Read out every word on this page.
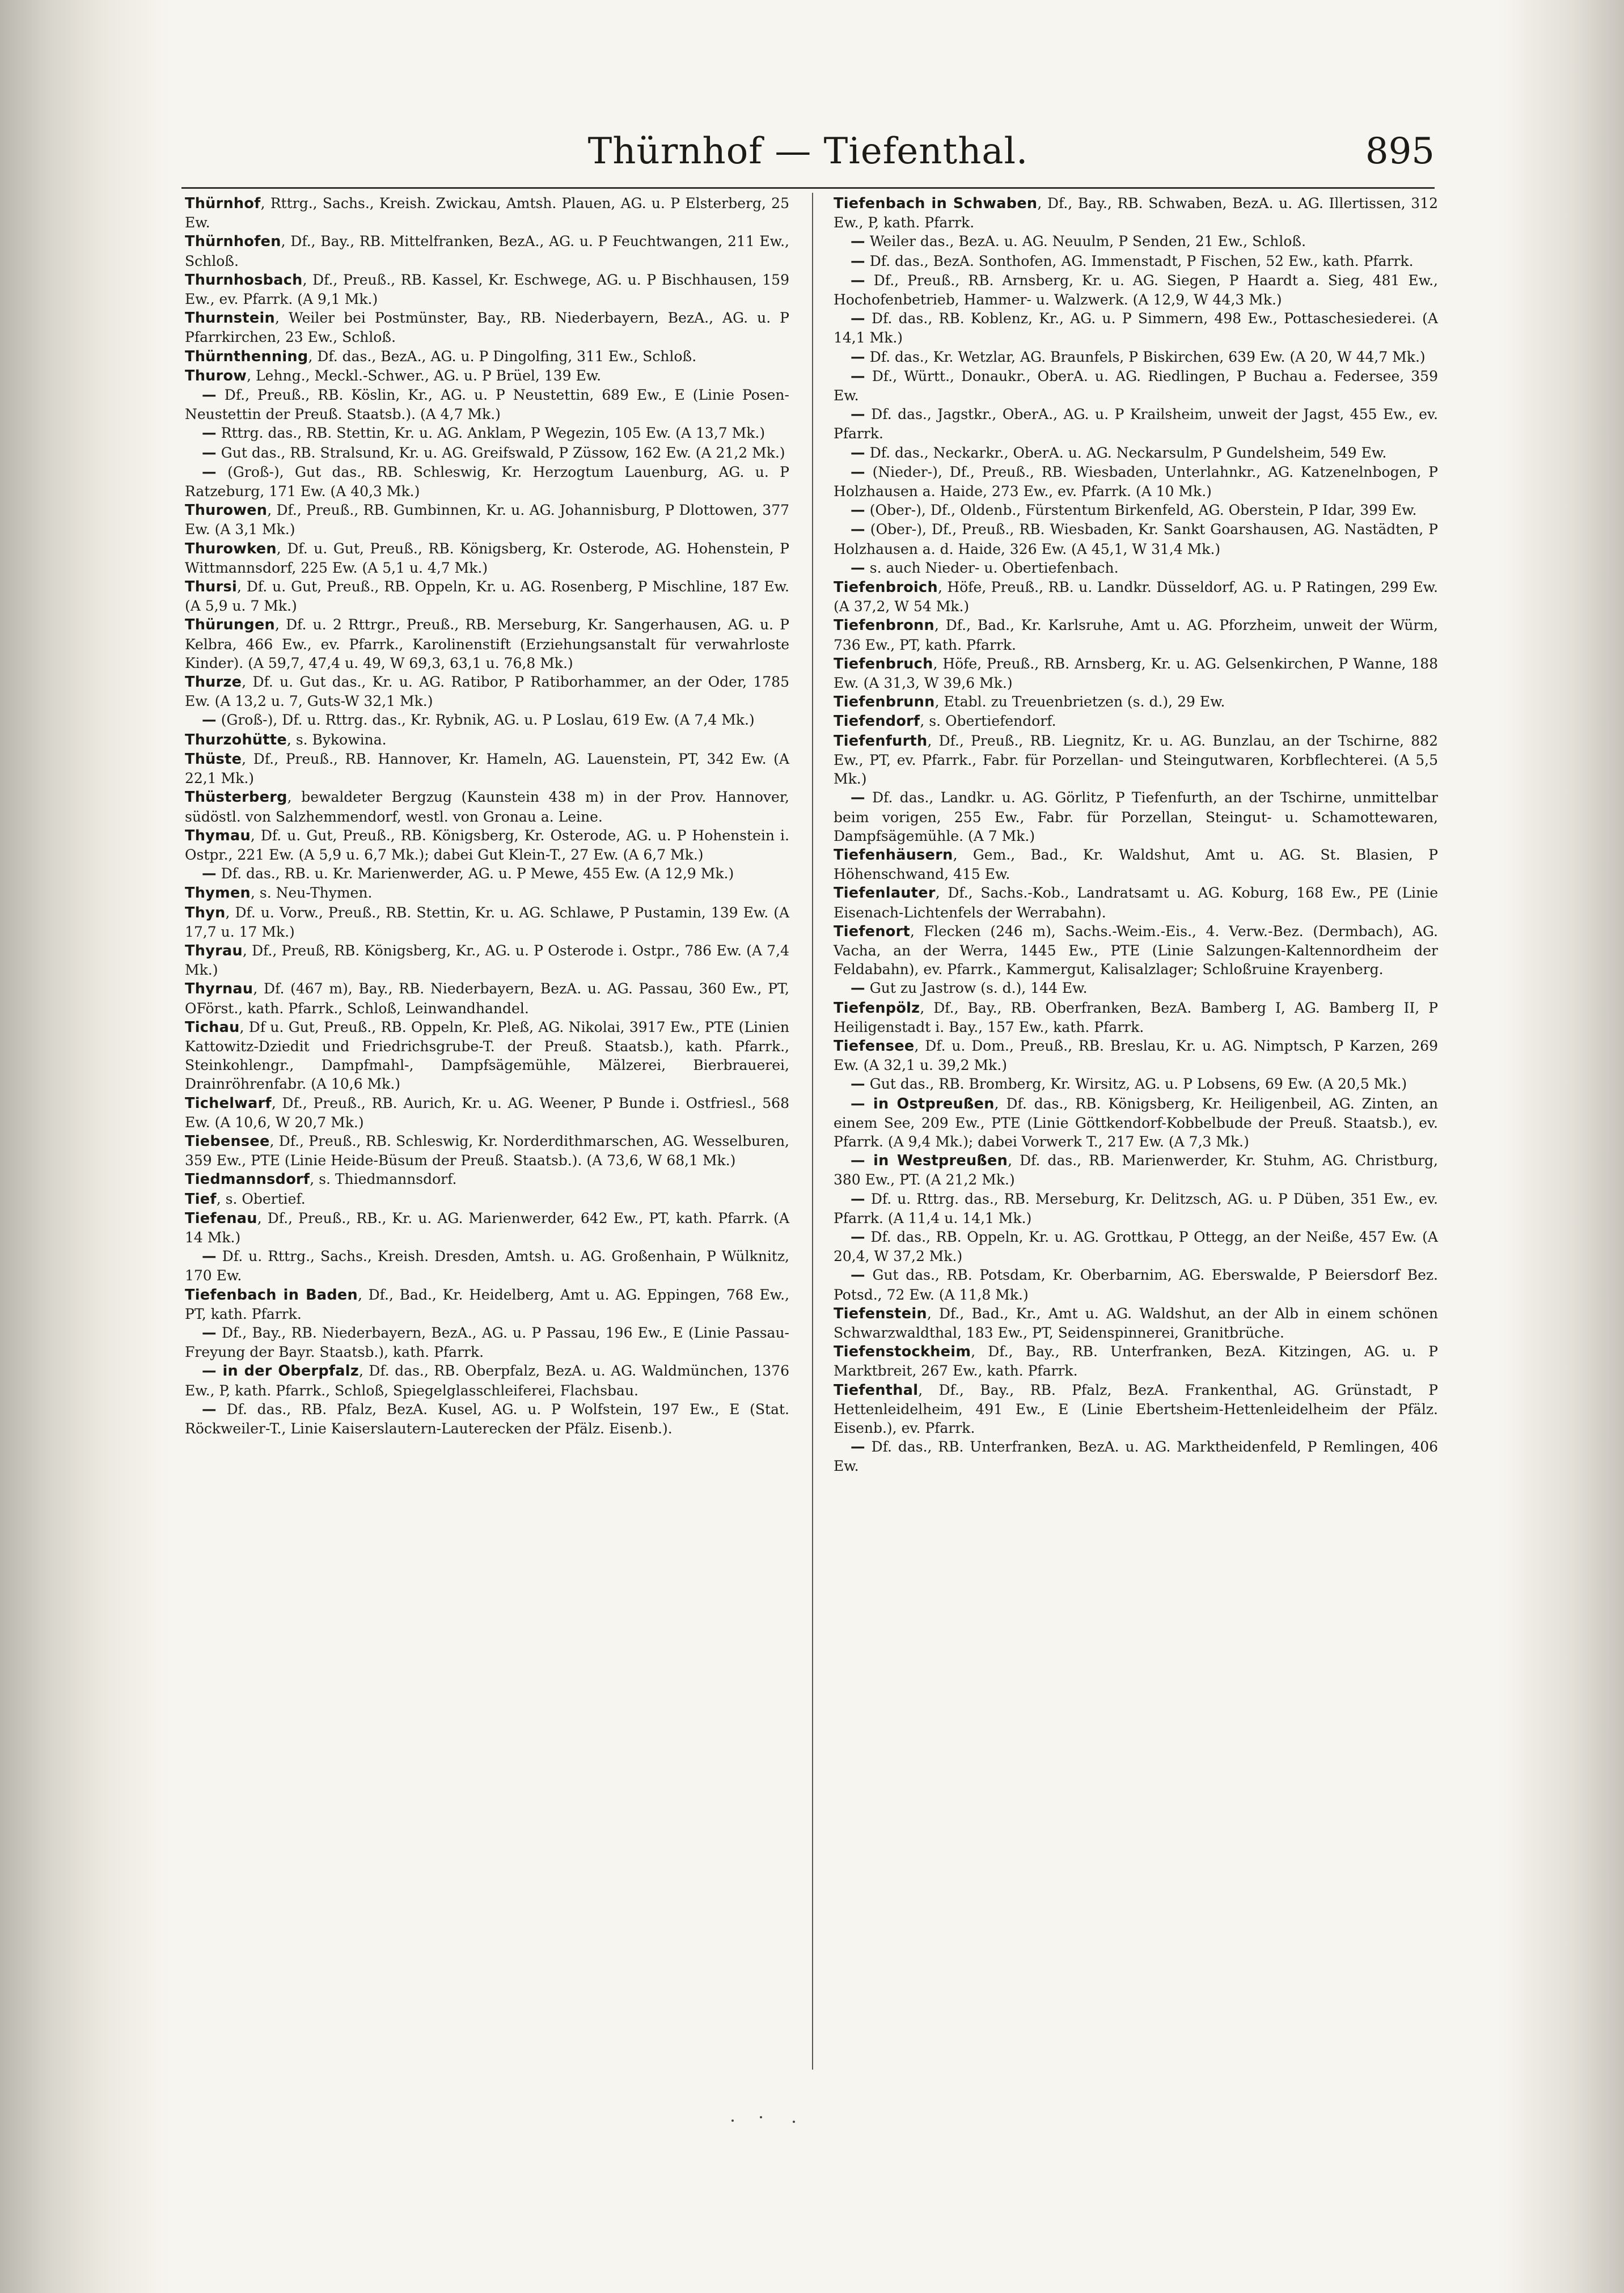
Thürnhof — Tiefenthal.	895

Thürnhof, Rttrg., Sachs., Kreish. Zwickau, Amtsh. Plauen, AG. u. P Elsterberg, 25 Ew.

Thürnhofen, Df., Bay., RB. Mittelfranken, BezA., AG. u. P Feuchtwangen, 211 Ew., Schloß.

Thurnhosbach, Df., Preuß., RB. Kassel, Kr. Eschwege, AG. u. P Bischhausen, 159 Ew., ev. Pfarrk. (A 9,1 Mk.)

Thurnstein, Weiler bei Postmünster, Bay., RB. Niederbayern, BezA., AG. u. P Pfarrkirchen, 23 Ew., Schloß.

Thürnthenning, Df. das., BezA., AG. u. P Dingolfing, 311 Ew., Schloß.

Thurow, Lehng., Meckl.-Schwer., AG. u. P Brüel, 139 Ew.

— Df., Preuß., RB. Köslin, Kr., AG. u. P Neustettin, 689 Ew., E (Linie Posen-Neustettin der Preuß. Staatsb.). (A 4,7 Mk.)

— Rttrg. das., RB. Stettin, Kr. u. AG. Anklam, P Wegezin, 105 Ew. (A 13,7 Mk.)

— Gut das., RB. Stralsund, Kr. u. AG. Greifswald, P Züssow, 162 Ew. (A 21,2 Mk.)

— (Groß-), Gut das., RB. Schleswig, Kr. Herzogtum Lauenburg, AG. u. P Ratzeburg, 171 Ew. (A 40,3 Mk.)

Thurowen, Df., Preuß., RB. Gumbinnen, Kr. u. AG. Johannisburg, P Dlottowen, 377 Ew. (A 3,1 Mk.)

Thurowken, Df. u. Gut, Preuß., RB. Königsberg, Kr. Osterode, AG. Hohenstein, P Wittmannsdorf, 225 Ew. (A 5,1 u. 4,7 Mk.)

Thursi, Df. u. Gut, Preuß., RB. Oppeln, Kr. u. AG. Rosenberg, P Mischline, 187 Ew. (A 5,9 u. 7 Mk.)

Thürungen, Df. u. 2 Rttrgr., Preuß., RB. Merseburg, Kr. Sangerhausen, AG. u. P Kelbra, 466 Ew., ev. Pfarrk., Karolinenstift (Erziehungsanstalt für verwahrloste Kinder). (A 59,7, 47,4 u. 49, W 69,3, 63,1 u. 76,8 Mk.)

Thurze, Df. u. Gut das., Kr. u. AG. Ratibor, P Ratiborhammer, an der Oder, 1785 Ew. (A 13,2 u. 7, Guts-W 32,1 Mk.)

— (Groß-), Df. u. Rttrg. das., Kr. Rybnik, AG. u. P Loslau, 619 Ew. (A 7,4 Mk.)

Thurzohütte, s. Bykowina.

Thüste, Df., Preuß., RB. Hannover, Kr. Hameln, AG. Lauenstein, PT, 342 Ew. (A 22,1 Mk.)

Thüsterberg, bewaldeter Bergzug (Kaunstein 438 m) in der Prov. Hannover, südöstl. von Salzhemmendorf, westl. von Gronau a. Leine.

Thymau, Df. u. Gut, Preuß., RB. Königsberg, Kr. Osterode, AG. u. P Hohenstein i. Ostpr., 221 Ew. (A 5,9 u. 6,7 Mk.); dabei Gut Klein-T., 27 Ew. (A 6,7 Mk.)

— Df. das., RB. u. Kr. Marienwerder, AG. u. P Mewe, 455 Ew. (A 12,9 Mk.)

Thymen, s. Neu-Thymen.

Thyn, Df. u. Vorw., Preuß., RB. Stettin, Kr. u. AG. Schlawe, P Pustamin, 139 Ew. (A 17,7 u. 17 Mk.)

Thyrau, Df., Preuß, RB. Königsberg, Kr., AG. u. P Osterode i. Ostpr., 786 Ew. (A 7,4 Mk.)

Thyrnau, Df. (467 m), Bay., RB. Niederbayern, BezA. u. AG. Passau, 360 Ew., PT, OFörst., kath. Pfarrk., Schloß, Leinwandhandel.

Tichau, Df u. Gut, Preuß., RB. Oppeln, Kr. Pleß, AG. Nikolai, 3917 Ew., PTE (Linien Kattowitz-Dziedit und Friedrichsgrube-T. der Preuß. Staatsb.), kath. Pfarrk., Steinkohlengr., Dampfmahl-, Dampfsägemühle, Mälzerei, Bierbrauerei, Drainröhrenfabr. (A 10,6 Mk.)

Tichelwarf, Df., Preuß., RB. Aurich, Kr. u. AG. Weener, P Bunde i. Ostfriesl., 568 Ew. (A 10,6, W 20,7 Mk.)

Tiebensee, Df., Preuß., RB. Schleswig, Kr. Norderdithmarschen, AG. Wesselburen, 359 Ew., PTE (Linie Heide-Büsum der Preuß. Staatsb.). (A 73,6, W 68,1 Mk.)

Tiedmannsdorf, s. Thiedmannsdorf.

Tief, s. Obertief.

Tiefenau, Df., Preuß., RB., Kr. u. AG. Marienwerder, 642 Ew., PT, kath. Pfarrk. (A 14 Mk.)

— Df. u. Rttrg., Sachs., Kreish. Dresden, Amtsh. u. AG. Großenhain, P Wülknitz, 170 Ew.

Tiefenbach in Baden, Df., Bad., Kr. Heidelberg, Amt u. AG. Eppingen, 768 Ew., PT, kath. Pfarrk.

— Df., Bay., RB. Niederbayern, BezA., AG. u. P Passau, 196 Ew., E (Linie Passau-Freyung der Bayr. Staatsb.), kath. Pfarrk.

— in der Oberpfalz, Df. das., RB. Oberpfalz, BezA. u. AG. Waldmünchen, 1376 Ew., P, kath. Pfarrk., Schloß, Spiegelglasschleiferei, Flachsbau.

— Df. das., RB. Pfalz, BezA. Kusel, AG. u. P Wolfstein, 197 Ew., E (Stat. Röckweiler-T., Linie Kaiserslautern-Lauterecken der Pfälz. Eisenb.).

Tiefenbach in Schwaben, Df., Bay., RB. Schwaben, BezA. u. AG. Illertissen, 312 Ew., P, kath. Pfarrk.

— Weiler das., BezA. u. AG. Neuulm, P Senden, 21 Ew., Schloß.

— Df. das., BezA. Sonthofen, AG. Immenstadt, P Fischen, 52 Ew., kath. Pfarrk.

— Df., Preuß., RB. Arnsberg, Kr. u. AG. Siegen, P Haardt a. Sieg, 481 Ew., Hochofenbetrieb, Hammer- u. Walzwerk. (A 12,9, W 44,3 Mk.)

— Df. das., RB. Koblenz, Kr., AG. u. P Simmern, 498 Ew., Pottaschesiederei. (A 14,1 Mk.)

— Df. das., Kr. Wetzlar, AG. Braunfels, P Biskirchen, 639 Ew. (A 20, W 44,7 Mk.)

— Df., Württ., Donaukr., OberA. u. AG. Riedlingen, P Buchau a. Federsee, 359 Ew.

— Df. das., Jagstkr., OberA., AG. u. P Krailsheim, unweit der Jagst, 455 Ew., ev. Pfarrk.

— Df. das., Neckarkr., OberA. u. AG. Neckarsulm, P Gundelsheim, 549 Ew.

— (Nieder-), Df., Preuß., RB. Wiesbaden, Unterlahnkr., AG. Katzenelnbogen, P Holzhausen a. Haide, 273 Ew., ev. Pfarrk. (A 10 Mk.)

— (Ober-), Df., Oldenb., Fürstentum Birkenfeld, AG. Oberstein, P Idar, 399 Ew.

— (Ober-), Df., Preuß., RB. Wiesbaden, Kr. Sankt Goarshausen, AG. Nastädten, P Holzhausen a. d. Haide, 326 Ew. (A 45,1, W 31,4 Mk.)

— s. auch Nieder- u. Obertiefenbach.

Tiefenbroich, Höfe, Preuß., RB. u. Landkr. Düsseldorf, AG. u. P Ratingen, 299 Ew. (A 37,2, W 54 Mk.)

Tiefenbronn, Df., Bad., Kr. Karlsruhe, Amt u. AG. Pforzheim, unweit der Würm, 736 Ew., PT, kath. Pfarrk.

Tiefenbruch, Höfe, Preuß., RB. Arnsberg, Kr. u. AG. Gelsenkirchen, P Wanne, 188 Ew. (A 31,3, W 39,6 Mk.)

Tiefenbrunn, Etabl. zu Treuenbrietzen (s. d.), 29 Ew.

Tiefendorf, s. Obertiefendorf.

Tiefenfurth, Df., Preuß., RB. Liegnitz, Kr. u. AG. Bunzlau, an der Tschirne, 882 Ew., PT, ev. Pfarrk., Fabr. für Porzellan- und Steingutwaren, Korbflechterei. (A 5,5 Mk.)

— Df. das., Landkr. u. AG. Görlitz, P Tiefenfurth, an der Tschirne, unmittelbar beim vorigen, 255 Ew., Fabr. für Porzellan, Steingut- u. Schamottewaren, Dampfsägemühle. (A 7 Mk.)

Tiefenhäusern, Gem., Bad., Kr. Waldshut, Amt u. AG. St. Blasien, P Höhenschwand, 415 Ew.

Tiefenlauter, Df., Sachs.-Kob., Landratsamt u. AG. Koburg, 168 Ew., PE (Linie Eisenach-Lichtenfels der Werrabahn).

Tiefenort, Flecken (246 m), Sachs.-Weim.-Eis., 4. Verw.-Bez. (Dermbach), AG. Vacha, an der Werra, 1445 Ew., PTE (Linie Salzungen-Kaltennordheim der Feldabahn), ev. Pfarrk., Kammergut, Kalisalzlager; Schloßruine Krayenberg.

— Gut zu Jastrow (s. d.), 144 Ew.

Tiefenpölz, Df., Bay., RB. Oberfranken, BezA. Bamberg I, AG. Bamberg II, P Heiligenstadt i. Bay., 157 Ew., kath. Pfarrk.

Tiefensee, Df. u. Dom., Preuß., RB. Breslau, Kr. u. AG. Nimptsch, P Karzen, 269 Ew. (A 32,1 u. 39,2 Mk.)

— Gut das., RB. Bromberg, Kr. Wirsitz, AG. u. P Lobsens, 69 Ew. (A 20,5 Mk.)

— in Ostpreußen, Df. das., RB. Königsberg, Kr. Heiligenbeil, AG. Zinten, an einem See, 209 Ew., PTE (Linie Göttkendorf-Kobbelbude der Preuß. Staatsb.), ev. Pfarrk. (A 9,4 Mk.); dabei Vorwerk T., 217 Ew. (A 7,3 Mk.)

— in Westpreußen, Df. das., RB. Marienwerder, Kr. Stuhm, AG. Christburg, 380 Ew., PT. (A 21,2 Mk.)

— Df. u. Rttrg. das., RB. Merseburg, Kr. Delitzsch, AG. u. P Düben, 351 Ew., ev. Pfarrk. (A 11,4 u. 14,1 Mk.)

— Df. das., RB. Oppeln, Kr. u. AG. Grottkau, P Ottegg, an der Neiße, 457 Ew. (A 20,4, W 37,2 Mk.)

— Gut das., RB. Potsdam, Kr. Oberbarnim, AG. Eberswalde, P Beiersdorf Bez. Potsd., 72 Ew. (A 11,8 Mk.)

Tiefenstein, Df., Bad., Kr., Amt u. AG. Waldshut, an der Alb in einem schönen Schwarzwaldthal, 183 Ew., PT, Seidenspinnerei, Granitbrüche.

Tiefenstockheim, Df., Bay., RB. Unterfranken, BezA. Kitzingen, AG. u. P Marktbreit, 267 Ew., kath. Pfarrk.

Tiefenthal, Df., Bay., RB. Pfalz, BezA. Frankenthal, AG. Grünstadt, P Hettenleidelheim, 491 Ew., E (Linie Ebertsheim-Hettenleidelheim der Pfälz. Eisenb.), ev. Pfarrk.

— Df. das., RB. Unterfranken, BezA. u. AG. Marktheidenfeld, P Remlingen, 406 Ew.
